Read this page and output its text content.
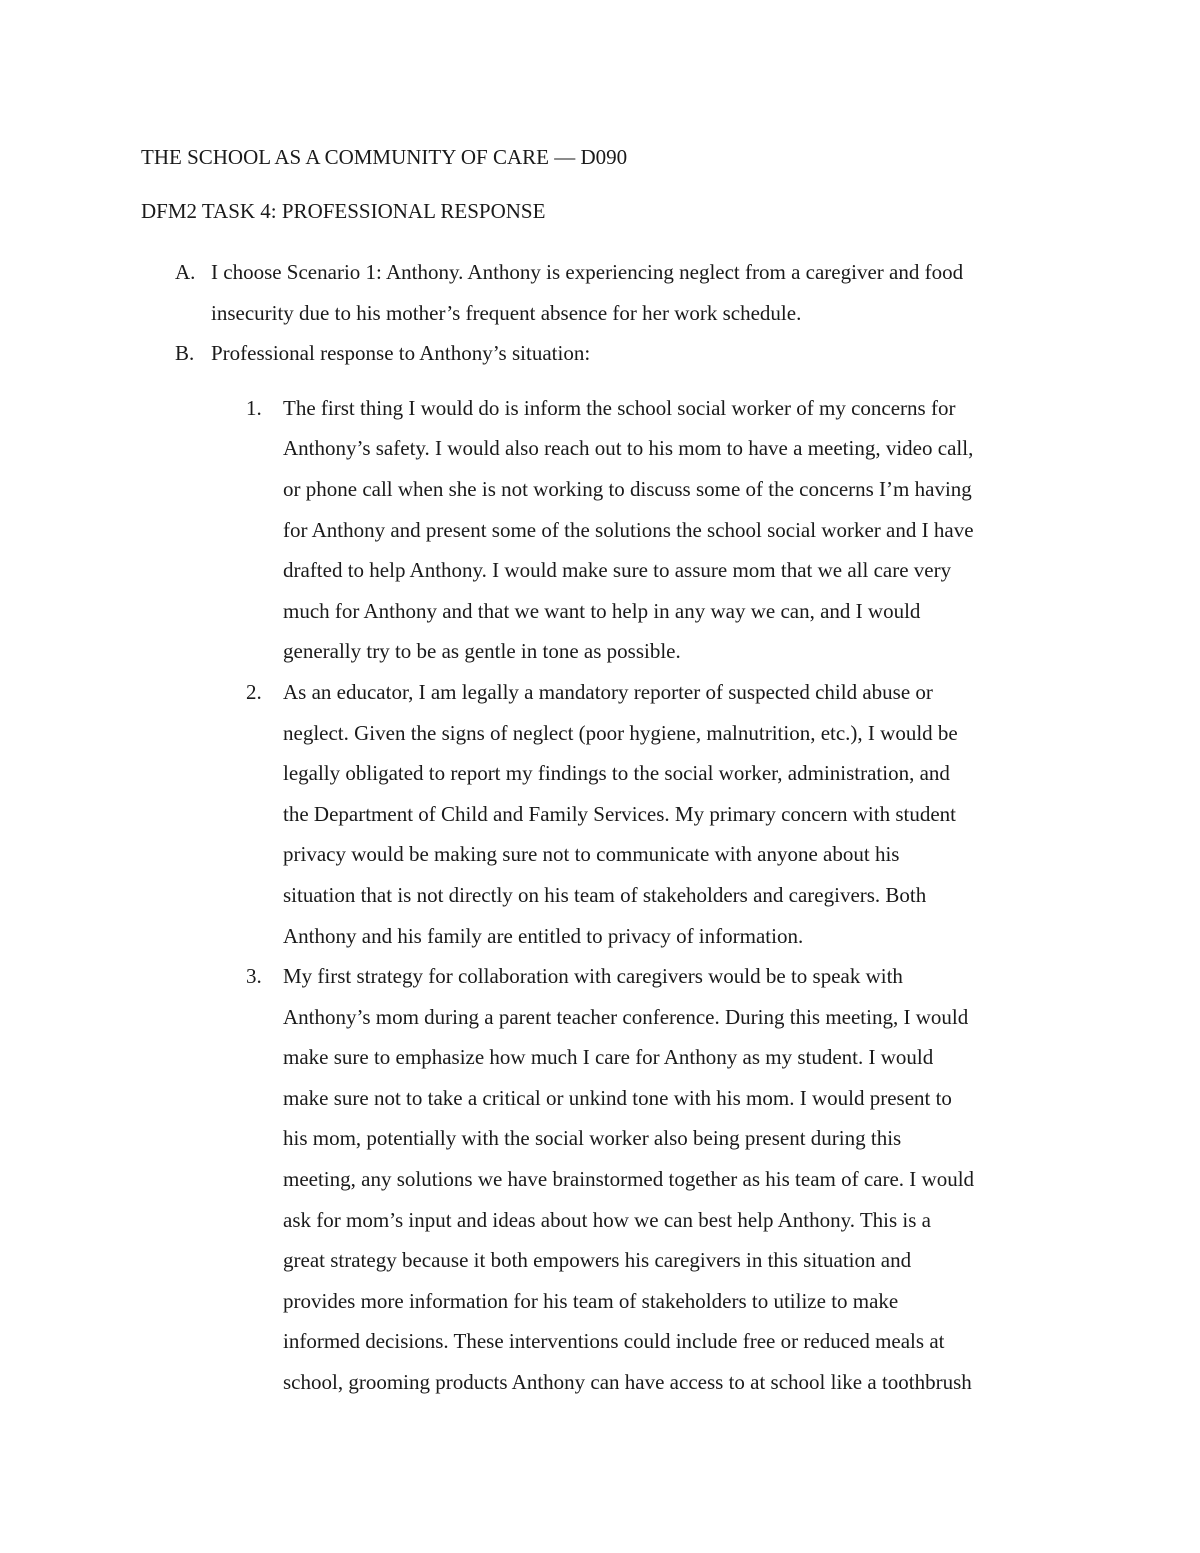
THE SCHOOL AS A COMMUNITY OF CARE — D090

DFM2 TASK 4: PROFESSIONAL RESPONSE

A. I choose Scenario 1: Anthony. Anthony is experiencing neglect from a caregiver and food
insecurity due to his mother’s frequent absence for her work schedule.
B. Professional response to Anthony’s situation:
1. The first thing I would do is inform the school social worker of my concerns for
Anthony’s safety. I would also reach out to his mom to have a meeting, video call,
or phone call when she is not working to discuss some of the concerns I’m having
for Anthony and present some of the solutions the school social worker and I have
drafted to help Anthony. I would make sure to assure mom that we all care very
much for Anthony and that we want to help in any way we can, and I would
generally try to be as gentle in tone as possible.
2. As an educator, I am legally a mandatory reporter of suspected child abuse or
neglect. Given the signs of neglect (poor hygiene, malnutrition, etc.), I would be
legally obligated to report my findings to the social worker, administration, and
the Department of Child and Family Services. My primary concern with student
privacy would be making sure not to communicate with anyone about his
situation that is not directly on his team of stakeholders and caregivers. Both
Anthony and his family are entitled to privacy of information.
3. My first strategy for collaboration with caregivers would be to speak with
Anthony’s mom during a parent teacher conference. During this meeting, I would
make sure to emphasize how much I care for Anthony as my student. I would
make sure not to take a critical or unkind tone with his mom. I would present to
his mom, potentially with the social worker also being present during this
meeting, any solutions we have brainstormed together as his team of care. I would
ask for mom’s input and ideas about how we can best help Anthony. This is a
great strategy because it both empowers his caregivers in this situation and
provides more information for his team of stakeholders to utilize to make
informed decisions. These interventions could include free or reduced meals at
school, grooming products Anthony can have access to at school like a toothbrush
